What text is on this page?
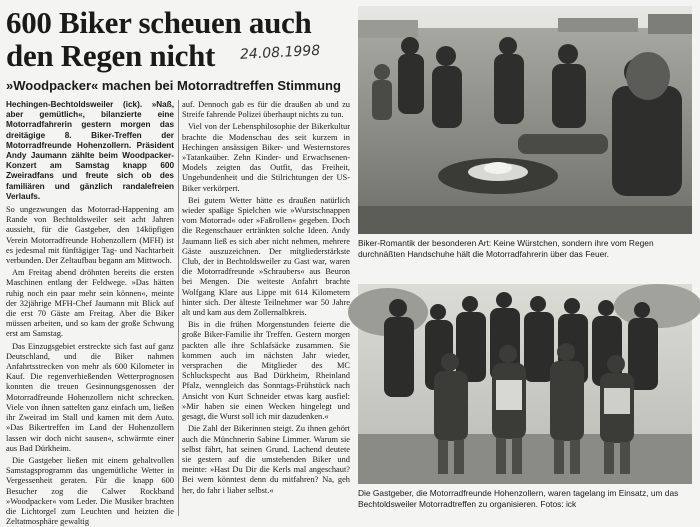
600 Biker scheuen auch den Regen nicht	24.08.1998
»Woodpacker« machen bei Motorradtreffen Stimmung

Hechingen-Bechtoldsweiler (ick). »Naß, aber gemütlich«, bilanzierte eine Motorradfahrerin gestern morgen das dreitägige 8. Biker-Treffen der Motorradfreunde Hohenzollern. Präsident Andy Jaumann zählte beim Woodpacker-Konzert am Samstag knapp 600 Zweiradfans und freute sich ob des familiären und gänzlich randalefreien Verlaufs.

So ungezwungen das Motorrad-Happening am Rande von Bechtoldsweiler seit acht Jahren aussieht, für die Gastgeber, den 14köpfigen Verein Motorradfreunde Hohenzollern (MFH) ist es jedesmal mit fünftägiger Tag- und Nachtarbeit verbunden. Der Zeltaufbau begann am Mittwoch.

Am Freitag abend dröhnten bereits die ersten Maschinen entlang der Feldwege. »Das hätten ruhig noch ein paar mehr sein können«, meinte der 32jährige MFH-Chef Jaumann mit Blick auf die erst 70 Gäste am Freitag. Aber die Biker müssen arbeiten, und so kam der große Schwung erst am Samstag.

Das Einzugsgebiet erstreckte sich fast auf ganz Deutschland, und die Biker nahmen Anfahrtsstrecken von mehr als 600 Kilometer in Kauf. Die regenverhießenden Wetterprognosen konnten die treuen Gesinnungsgenossen der Motorradfreunde Hohenzollern nicht schrecken. Viele von ihnen sattelten ganz einfach um, ließen ihr Zweirad im Stall und kamen mit dem Auto. »Das Bikertreffen im Land der Hohenzollern lassen wir doch nicht sausen«, schwärmte einer aus Bad Dürkheim.

Die Gastgeber ließen mit einem gehaltvollen Samstagsprogramm das ungemütliche Wetter in Vergessenheit geraten. Für die knapp 600 Besucher zog die Calwer Rockband »Woodpacker« vom Leder. Die Musiker brachten die Lichtorgel zum Leuchten und heizten die Zeltatmosphäre gewaltig

auf. Dennoch gab es für die draußen ab und zu Streife fahrende Polizei überhaupt nichts zu tun.

Viel von der Lebensphilosophie der Bikerkultur brachte die Modenschau des seit kurzem in Hechingen ansässigen Biker- und Westernstores »Tatankaüber. Zehn Kinder- und Erwachsenen-Models zeigten das Outfit, das Freiheit, Ungebundenheit und die Stilrichtungen der US-Biker verkörpert.

Bei gutem Wetter hätte es draußen natürlich wieder spaßige Spielchen wie »Wurstschnappen vom Motorrad« oder »Faßrollen« gegeben. Doch die Regenschauer ertränkten solche Ideen. Andy Jaumann ließ es sich aber nicht nehmen, mehrere Gäste auszuzeichnen. Der mitgliederstärkste Club, der in Bechtoldsweiler zu Gast war, waren die Motorradfreunde »Schraubers« aus Beuron bei Mengen. Die weiteste Anfahrt brachte Wolfgang Klare aus Lippe mit 614 Kilometern hinter sich. Der älteste Teilnehmer war 50 Jahre alt und kam aus dem Zollernalbkreis.

Bis in die frühen Morgenstunden feierte die große Biker-Familie ihr Treffen. Gestern morgen packten alle ihre Schlafsäcke zusammen. Sie kommen auch im nächsten Jahr wieder, versprachen die Mitglieder des MC Schluckspecht aus Bad Dürkheim, Rheinland Pfalz, wenngleich das Sonntags-Frühstück nach Ansicht von Kurt Schneider etwas karg ausfiel: »Mir haben sie einen Wecken hingelegt und gesagt, die Wurst soll ich mir dazudenken.«

Die Zahl der Bikerinnen steigt. Zu ihnen gehört auch die Münchnerin Sabine Limmer. Warum sie selbst fährt, hat seinen Grund. Lachend deutete sie gestern auf die umstehenden Biker und meinte: »Hast Du Dir die Kerls mal angeschaut? Bei wem könntest denn du mitfahren? Na, geh her, do fahr i liaber selbst.«

Biker-Romantik der besonderen Art: Keine Würstchen, sondern ihre vom Regen durchnäßten Handschuhe hält die Motorradfahrerin über das Feuer.
Die Gastgeber, die Motorradfreunde Hohenzollern, waren tagelang im Einsatz, um das Bechtoldsweiler Motorradtreffen zu organisieren. Fotos: ick
